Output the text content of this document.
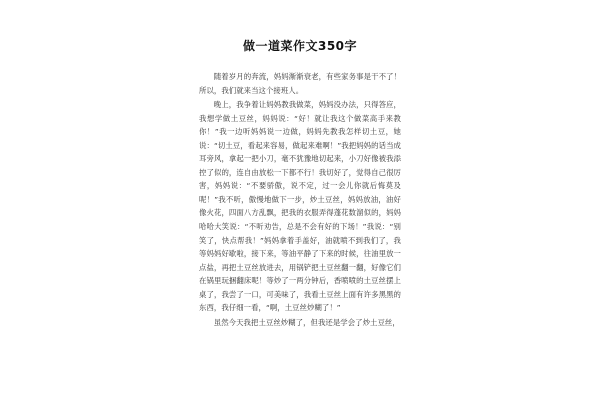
做一道菜作文350字

随着岁月的奔流，妈妈渐渐衰老，有些家务事是干不了！所以，我们就来当这个接班人。

晚上，我争着让妈妈教我做菜，妈妈没办法，只得答应，我想学做土豆丝，妈妈说：“好！就让我这个做菜高手来教你！”我一边听妈妈说一边做，妈妈先教我怎样切土豆，她说：“切土豆，看起来容易，做起来难啊！”我把妈妈的话当成耳旁风，拿起一把小刀，毫不犹豫地切起来，小刀好像被我添控了似的，连自由放松一下都不行！我切好了，觉得自己很厉害，妈妈说：“不要骄傲，说不定，过一会儿你就后悔莫及呢！”我不听，傲慢地做下一步，炒土豆丝，妈妈放油，油好像火花，四面八方乱飘，把我的衣服弄得蓬花数溜似的，妈妈哈哈大笑说：“不听劝告，总是不会有好的下场！”我说：“别笑了，快点帮我！”妈妈拿着手盖好，油就喷不到我们了，我等妈妈好歇啦，接下来，等油平静了下来的时候，往油里放一点盐，再把土豆丝放进去，用锅铲把土豆丝翻一翻，好像它们在锅里玩捆翻床呢！等炒了一两分钟后，香喷喷的土豆丝摆上桌了，我尝了一口，可美味了，我看土豆丝上面有许多黑黑的东西，我仔细一看，“啊，土豆丝炒糊了！”

虽然今天我把土豆丝炒糊了，但我还是学会了炒土豆丝，
